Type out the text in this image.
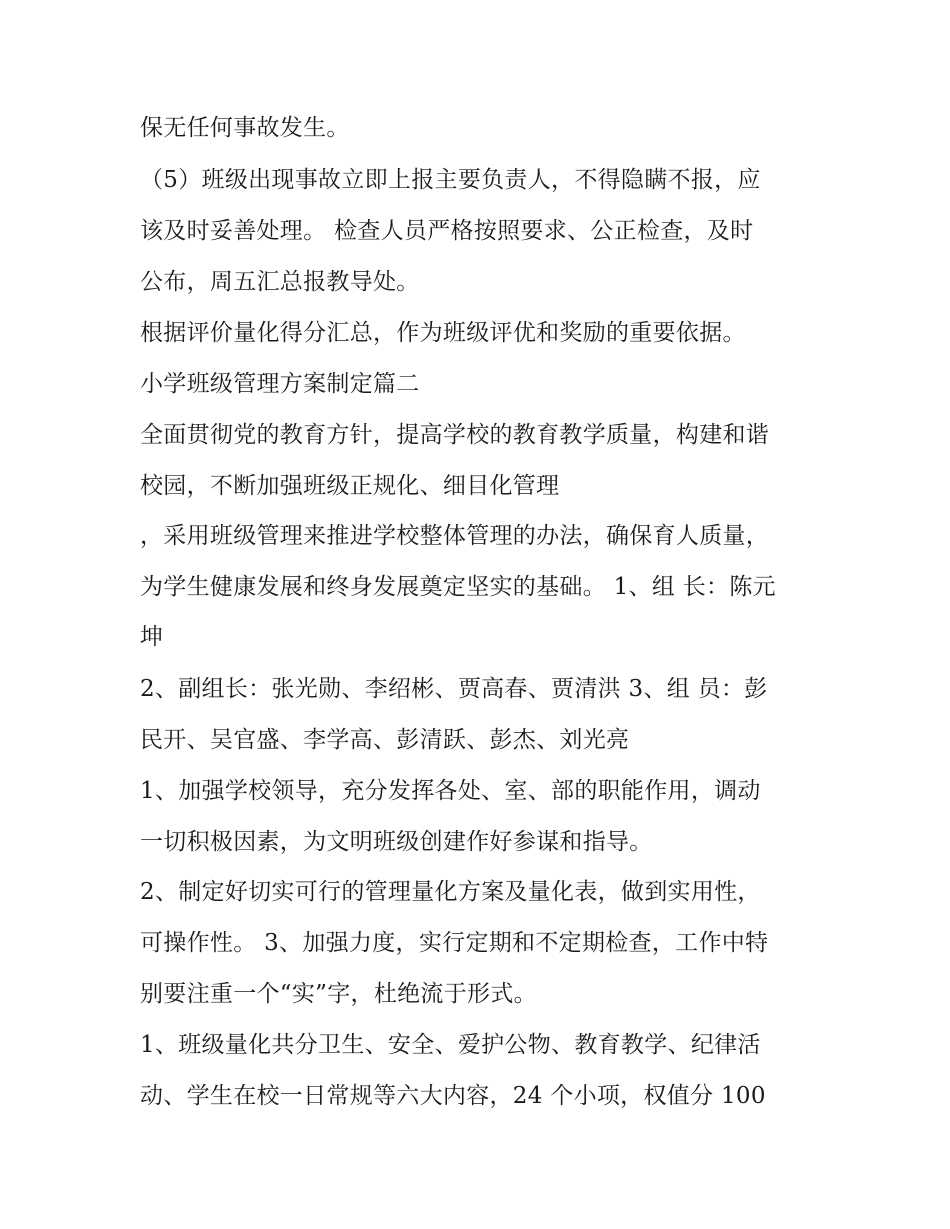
保无任何事故发生。
（5）班级出现事故立即上报主要负责人，不得隐瞒不报，应
该及时妥善处理。 检查人员严格按照要求、公正检查，及时
公布，周五汇总报教导处。
根据评价量化得分汇总，作为班级评优和奖励的重要依据。
小学班级管理方案制定篇二
全面贯彻党的教育方针，提高学校的教育教学质量，构建和谐
校园，不断加强班级正规化、细目化管理
，采用班级管理来推进学校整体管理的办法，确保育人质量，
为学生健康发展和终身发展奠定坚实的基础。 1、组 长：陈元
坤
2、副组长：张光勋、李绍彬、贾高春、贾清洪 3、组 员：彭
民开、吴官盛、李学高、彭清跃、彭杰、刘光亮
1、加强学校领导，充分发挥各处、室、部的职能作用，调动
一切积极因素，为文明班级创建作好参谋和指导。
2、制定好切实可行的管理量化方案及量化表，做到实用性，
可操作性。 3、加强力度，实行定期和不定期检查，工作中特
别要注重一个“实”字，杜绝流于形式。
1、班级量化共分卫生、安全、爱护公物、教育教学、纪律活
动、学生在校一日常规等六大内容，24 个小项，权值分 100
